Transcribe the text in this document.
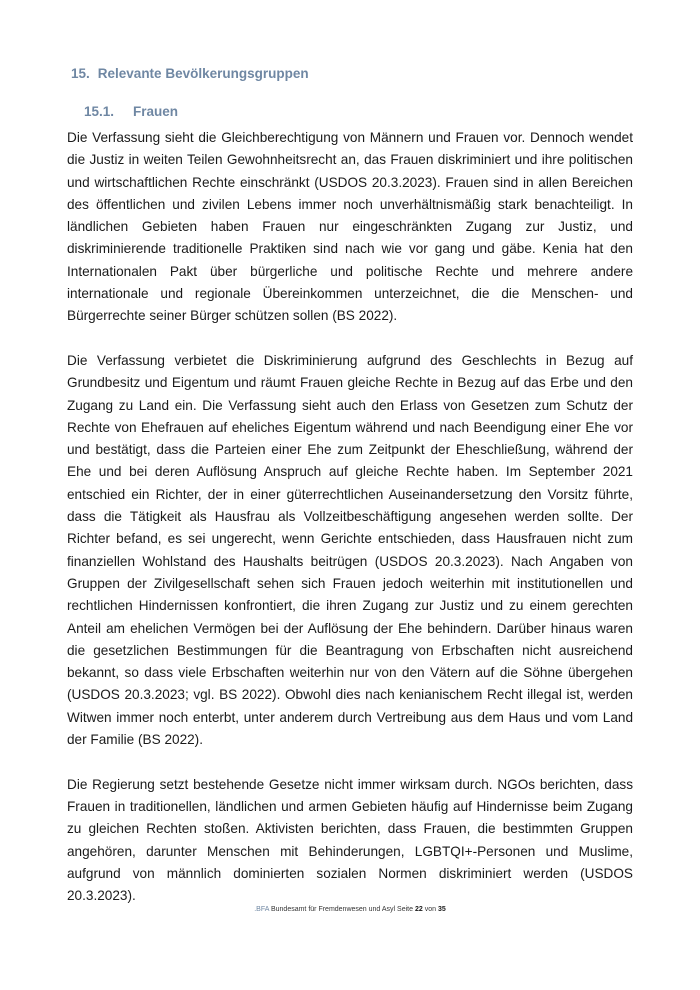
15. Relevante Bevölkerungsgruppen
15.1. Frauen

Die Verfassung sieht die Gleichberechtigung von Männern und Frauen vor. Dennoch wendet die Justiz in weiten Teilen Gewohnheitsrecht an, das Frauen diskriminiert und ihre politischen und wirtschaftlichen Rechte einschränkt (USDOS 20.3.2023). Frauen sind in allen Bereichen des öffentlichen und zivilen Lebens immer noch unverhältnismäßig stark benachteiligt. In ländlichen Gebieten haben Frauen nur eingeschränkten Zugang zur Justiz, und diskriminierende traditionelle Praktiken sind nach wie vor gang und gäbe. Kenia hat den Internationalen Pakt über bürgerliche und politische Rechte und mehrere andere internationale und regionale Übereinkommen unterzeichnet, die die Menschen- und Bürgerrechte seiner Bürger schützen sollen (BS 2022).

Die Verfassung verbietet die Diskriminierung aufgrund des Geschlechts in Bezug auf Grundbesitz und Eigentum und räumt Frauen gleiche Rechte in Bezug auf das Erbe und den Zugang zu Land ein. Die Verfassung sieht auch den Erlass von Gesetzen zum Schutz der Rechte von Ehefrauen auf eheliches Eigentum während und nach Beendigung einer Ehe vor und bestätigt, dass die Parteien einer Ehe zum Zeitpunkt der Eheschließung, während der Ehe und bei deren Auflösung Anspruch auf gleiche Rechte haben. Im September 2021 entschied ein Richter, der in einer güterrechtlichen Auseinandersetzung den Vorsitz führte, dass die Tätigkeit als Hausfrau als Vollzeitbeschäftigung angesehen werden sollte. Der Richter befand, es sei ungerecht, wenn Gerichte entschieden, dass Hausfrauen nicht zum finanziellen Wohlstand des Haushalts beitrügen (USDOS 20.3.2023). Nach Angaben von Gruppen der Zivilgesellschaft sehen sich Frauen jedoch weiterhin mit institutionellen und rechtlichen Hindernissen konfrontiert, die ihren Zugang zur Justiz und zu einem gerechten Anteil am ehelichen Vermögen bei der Auflösung der Ehe behindern. Darüber hinaus waren die gesetzlichen Bestimmungen für die Beantragung von Erbschaften nicht ausreichend bekannt, so dass viele Erbschaften weiterhin nur von den Vätern auf die Söhne übergehen (USDOS 20.3.2023; vgl. BS 2022). Obwohl dies nach kenianischem Recht illegal ist, werden Witwen immer noch enterbt, unter anderem durch Vertreibung aus dem Haus und vom Land der Familie (BS 2022).

Die Regierung setzt bestehende Gesetze nicht immer wirksam durch. NGOs berichten, dass Frauen in traditionellen, ländlichen und armen Gebieten häufig auf Hindernisse beim Zugang zu gleichen Rechten stoßen. Aktivisten berichten, dass Frauen, die bestimmten Gruppen angehören, darunter Menschen mit Behinderungen, LGBTQI+-Personen und Muslime, aufgrund von männlich dominierten sozialen Normen diskriminiert werden (USDOS 20.3.2023).

.BFA Bundesamt für Fremdenwesen und Asyl Seite 22 von 35
